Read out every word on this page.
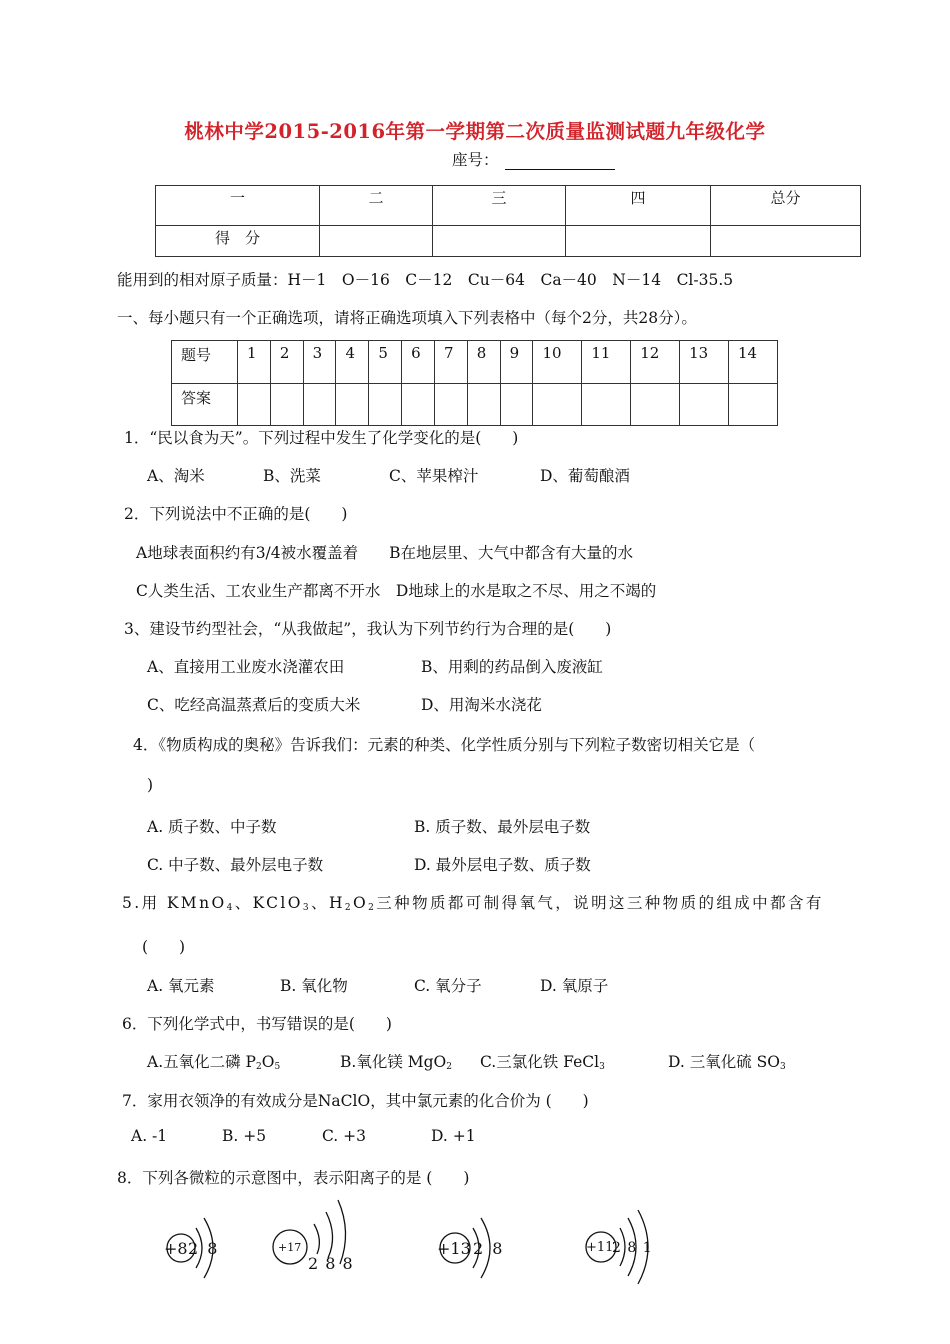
桃林中学2015-2016年第一学期第二次质量监测试题九年级化学
座号：
一	二	三	四	总分
得　分				
能用到的相对原子质量：H－1　O－16　C－12　Cu－64　Ca－40　N－14　Cl-35.5
一、每小题只有一个正确选项，请将正确选项填入下列表格中（每个2分，共28分）。
题号	1	2	3	4	5	6	7	8	9	10	11	12	13	14
答案														
1．“民以食为天”。下列过程中发生了化学变化的是(　　)
A、淘米	B、洗菜	C、苹果榨汁	D、葡萄酿酒
2．下列说法中不正确的是(　　)
A地球表面积约有3/4被水覆盖着　　B在地层里、大气中都含有大量的水
C人类生活、工农业生产都离不开水　D地球上的水是取之不尽、用之不竭的
3、建设节约型社会，“从我做起”，我认为下列节约行为合理的是(　　)
A、直接用工业废水浇灌农田	B、用剩的药品倒入废液缸
C、吃经高温蒸煮后的变质大米	D、用淘米水浇花
4．《物质构成的奥秘》告诉我们：元素的种类、化学性质分别与下列粒子数密切相关它是（
)
A. 质子数、中子数	B. 质子数、最外层电子数
C. 中子数、最外层电子数	D. 最外层电子数、质子数
5.用 KMnO$_4$、KClO$_3$、$H_2O_2$三种物质都可制得氧气，说明这三种物质的组成中都含有
(　　)
A. 氧元素	B. 氧化物	C. 氧分子	D. 氧原子
6．下列化学式中，书写错误的是(　　)
A.五氧化二磷 $P_2O_5$	B.氧化镁 MgO$_2$ C.三氯化铁 FeCl$_3$	D. 三氧化硫 $SO_3$
7．家用衣领净的有效成分是NaClO，其中氯元素的化合价为 (　　)
A. -1	B. +5	C. +3	D. +1
8．下列各微粒的示意图中，表示阳离子的是 (　　)
+8 2 8	+17
2 8 8
+13 2 8	+11
2 8 1
